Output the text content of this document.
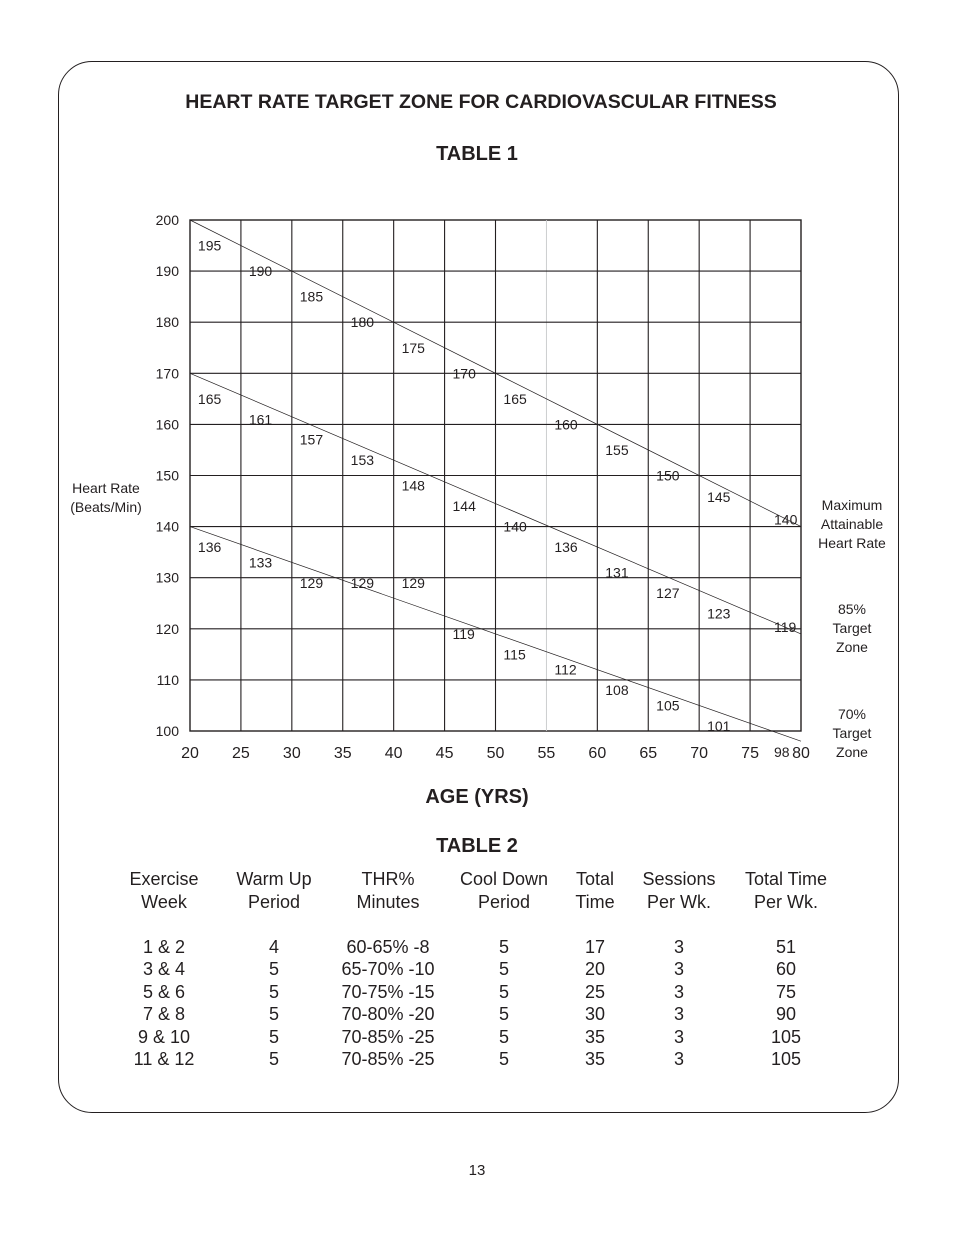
HEART RATE TARGET ZONE FOR CARDIOVASCULAR FITNESS
TABLE 1
100
110
120
130
140
150
160
170
180
190
200
20 25 30 35 40 45 50 55 60 65 70 75 80
Heart Rate
(Beats/Min)
195
190
185
180
175
170
165
160
155
150
145
140
165
161
157
153
148
144
140
136
131
127
123
119
136
133
129 129 129
119
115
112
108
105
101
98
Maximum
Attainable
Heart Rate
85%
Target
Zone
70%
Target
Zone
AGE (YRS)
TABLE 2
Exercise
Week
1 & 2
3 & 4
5 & 6
7 & 8
9 & 10
11 & 12
Warm Up
Period
4
5
5
5
5
5
THR%
Minutes
60-65% -8
65-70% -10
70-75% -15
70-80% -20
70-85% -25
70-85% -25
Cool Down
Period
5
5
5
5
5
5
Total
Time
17
20
25
30
35
35
Sessions
Per Wk.
3
3
3
3
3
3
Total Time
Per Wk.
51
60
75
90
105
105
13
